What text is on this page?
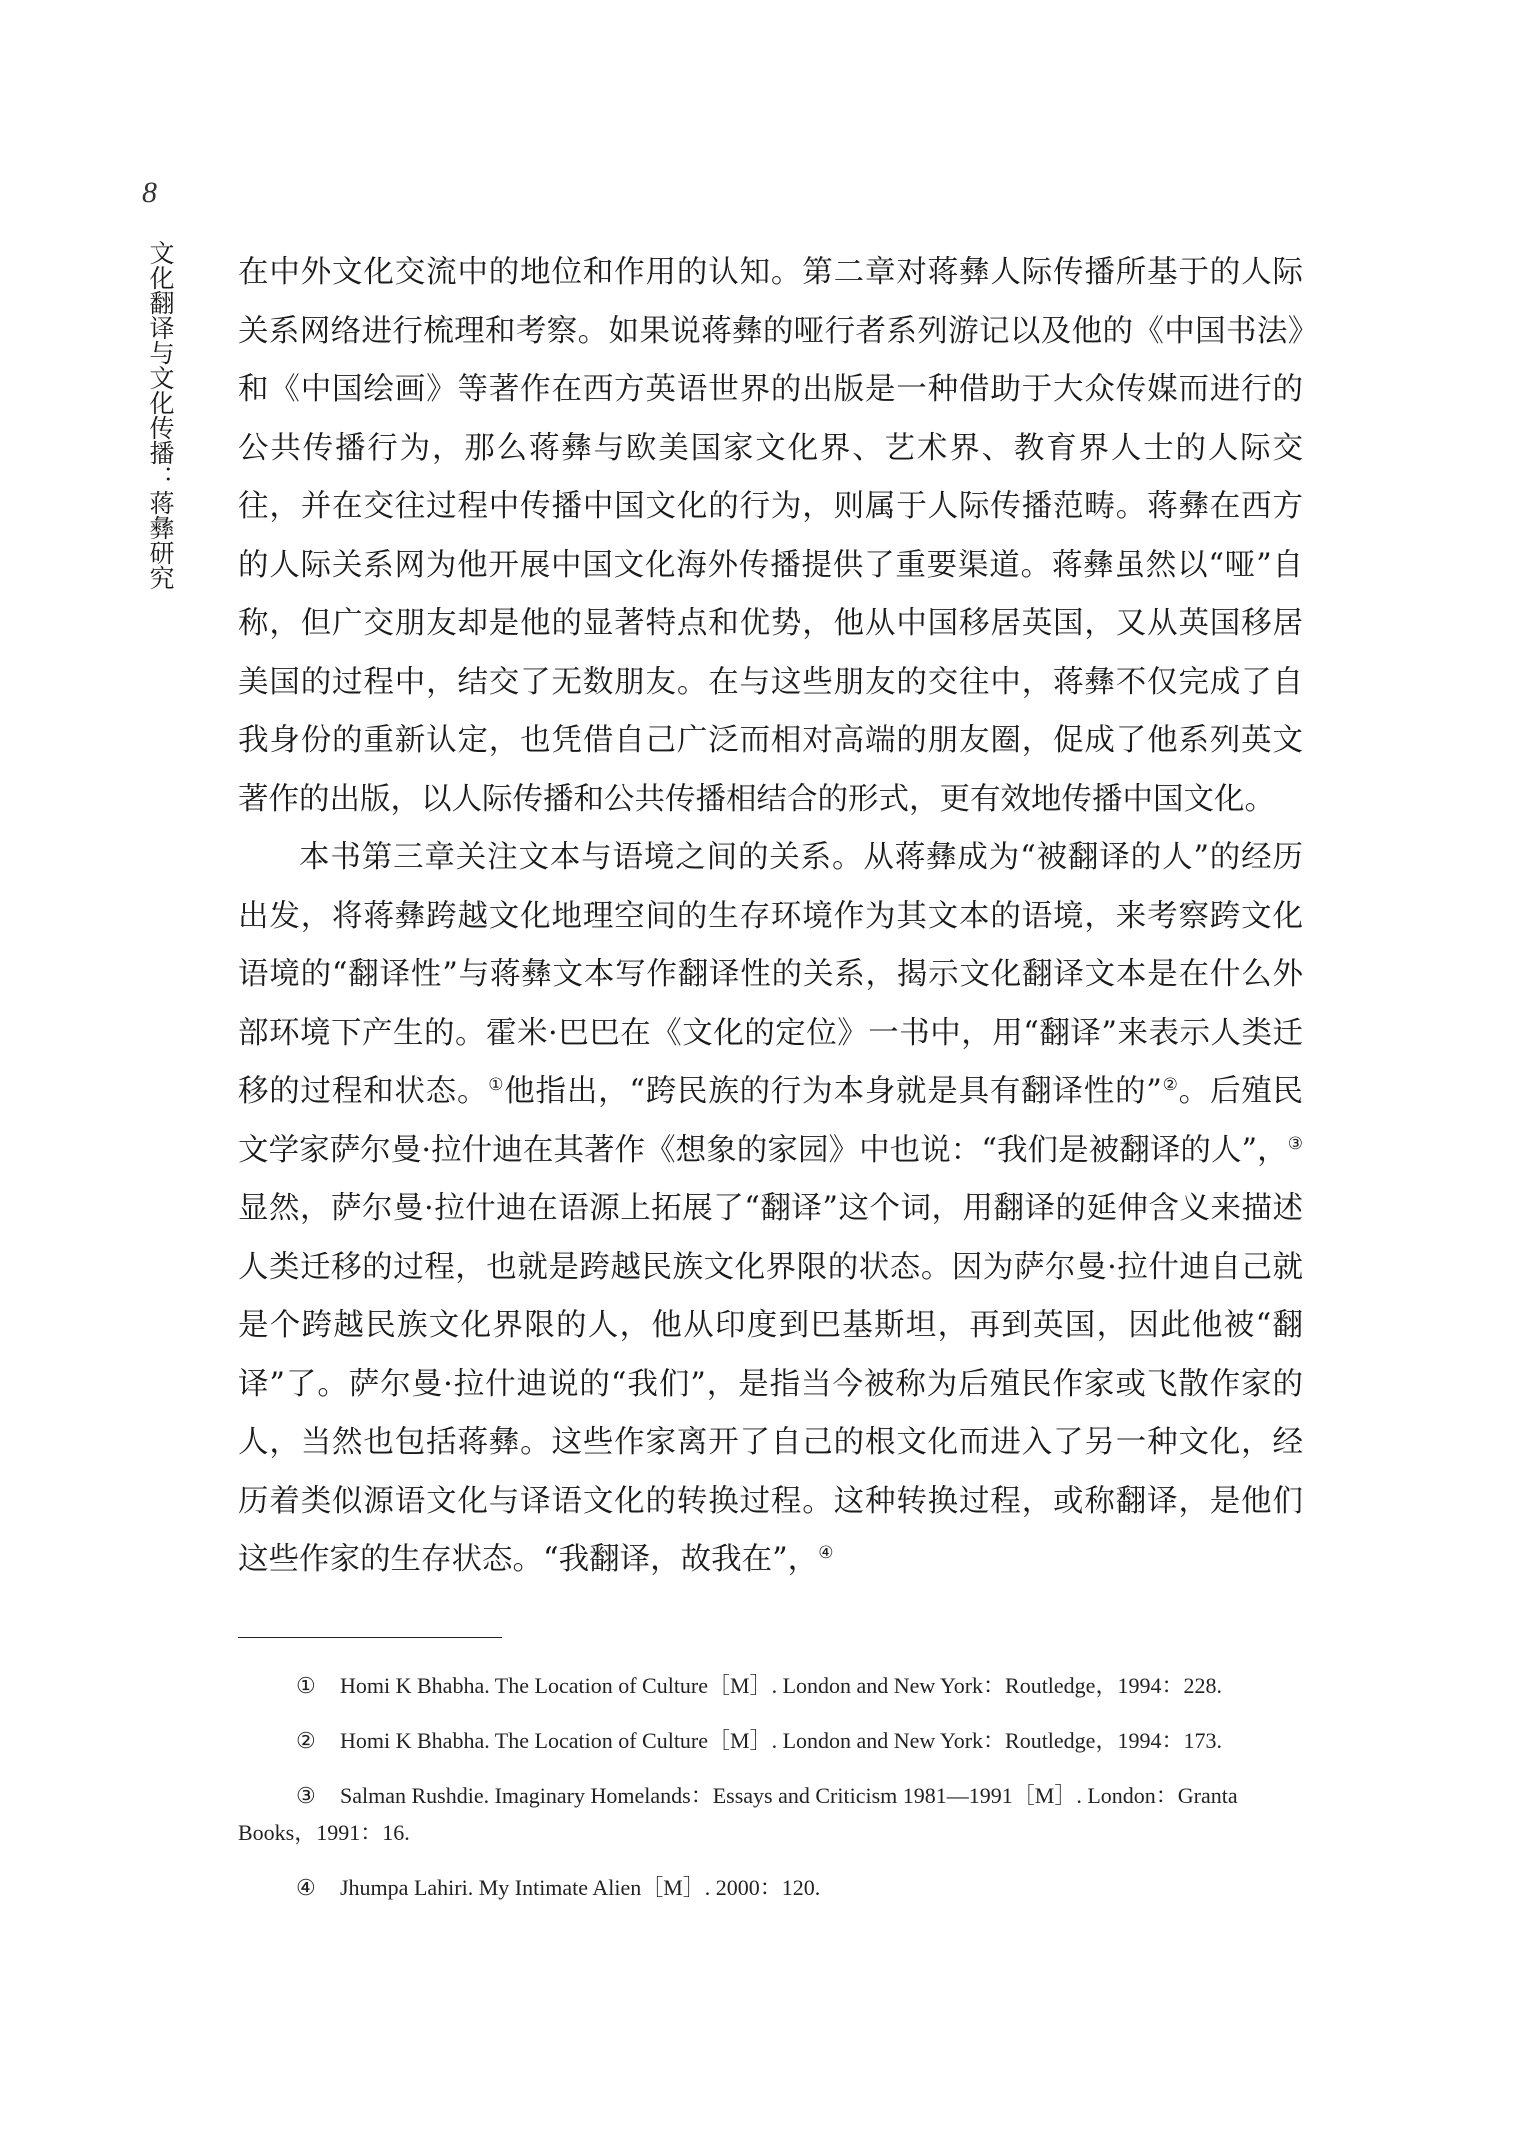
8
文化翻译与文化传播：蒋彝研究 在中外文化交流中的地位和作用的认知。第二章对蒋彝人际传播所基于的人际关系网络进行梳理和考察。如果说蒋彝的哑行者系列游记以及他的《中国书法》和《中国绘画》等著作在西方英语世界的出版是一种借助于大众传媒而进行的公共传播行为，那么蒋彝与欧美国家文化界、艺术界、教育界人士的人际交往，并在交往过程中传播中国文化的行为，则属于人际传播范畴。蒋彝在西方的人际关系网为他开展中国文化海外传播提供了重要渠道。蒋彝虽然以“哑”自称，但广交朋友却是他的显著特点和优势，他从中国移居英国，又从英国移居美国的过程中，结交了无数朋友。在与这些朋友的交往中，蒋彝不仅完成了自我身份的重新认定，也凭借自己广泛而相对高端的朋友圈，促成了他系列英文著作的出版，以人际传播和公共传播相结合的形式，更有效地传播中国文化。

本书第三章关注文本与语境之间的关系。从蒋彝成为“被翻译的人”的经历出发，将蒋彝跨越文化地理空间的生存环境作为其文本的语境，来考察跨文化语境的“翻译性”与蒋彝文本写作翻译性的关系，揭示文化翻译文本是在什么外部环境下产生的。霍米·巴巴在《文化的定位》一书中，用“翻译”来表示人类迁移的过程和状态。①他指出，“跨民族的行为本身就是具有翻译性的”②。后殖民文学家萨尔曼·拉什迪在其著作《想象的家园》中也说：“我们是被翻译的人”，③显然，萨尔曼·拉什迪在语源上拓展了“翻译”这个词，用翻译的延伸含义来描述人类迁移的过程，也就是跨越民族文化界限的状态。因为萨尔曼·拉什迪自己就是个跨越民族文化界限的人，他从印度到巴基斯坦，再到英国，因此他被“翻译”了。萨尔曼·拉什迪说的“我们”，是指当今被称为后殖民作家或飞散作家的人，当然也包括蒋彝。这些作家离开了自己的根文化而进入了另一种文化，经历着类似源语文化与译语文化的转换过程。这种转换过程，或称翻译，是他们这些作家的生存状态。“我翻译，故我在”，④

① Homi K Bhabha. The Location of Culture［M］. London and New York：Routledge，1994：228.

② Homi K Bhabha. The Location of Culture［M］. London and New York：Routledge，1994：173.

③ Salman Rushdie. Imaginary Homelands：Essays and Criticism 1981—1991［M］. London：Granta Books，1991：16.

④ Jhumpa Lahiri. My Intimate Alien［M］. 2000：120.
